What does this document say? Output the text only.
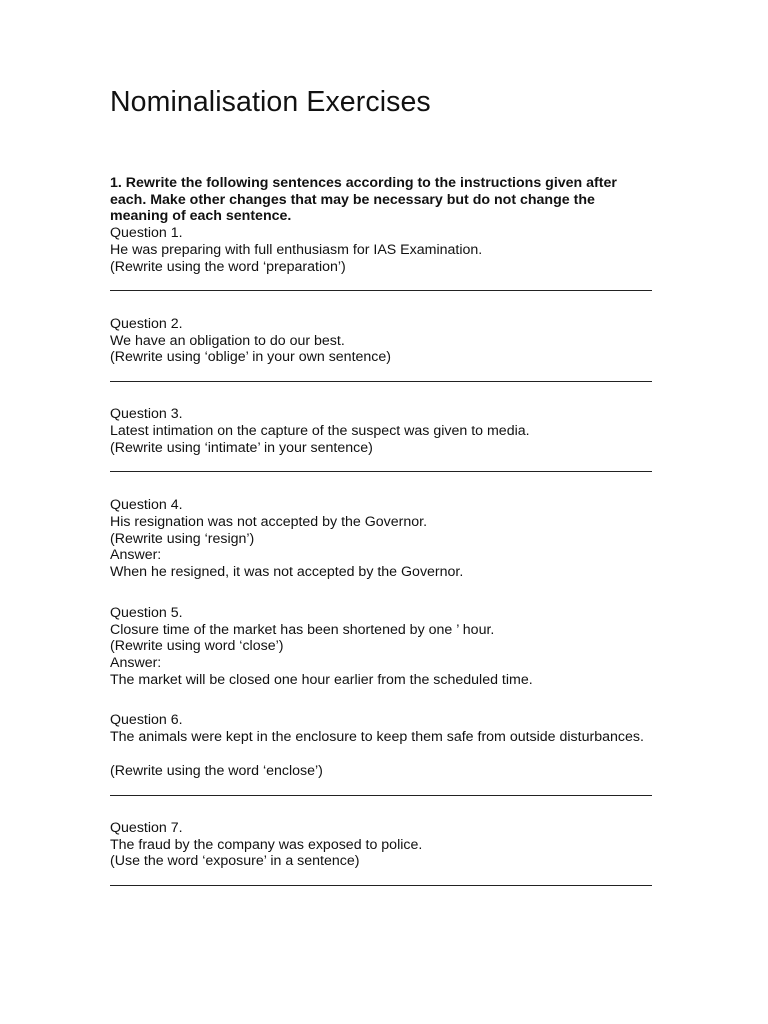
Nominalisation Exercises

1. Rewrite the following sentences according to the instructions given after each. Make other changes that may be necessary but do not change the meaning of each sentence.

Question 1.

He was preparing with full enthusiasm for IAS Examination.

(Rewrite using the word ‘preparation’)

Question 2.

We have an obligation to do our best.

(Rewrite using ‘oblige’ in your own sentence)

Question 3.

Latest intimation on the capture of the suspect was given to media.

(Rewrite using ‘intimate’ in your sentence)

Question 4.

His resignation was not accepted by the Governor.

(Rewrite using ‘resign’)

Answer:

When he resigned, it was not accepted by the Governor.

Question 5.

Closure time of the market has been shortened by one ’ hour.

(Rewrite using word ‘close’)

Answer:

The market will be closed one hour earlier from the scheduled time.

Question 6.

The animals were kept in the enclosure to keep them safe from outside disturbances.

(Rewrite using the word ‘enclose’)

Question 7.

The fraud by the company was exposed to police.

(Use the word ‘exposure’ in a sentence)
